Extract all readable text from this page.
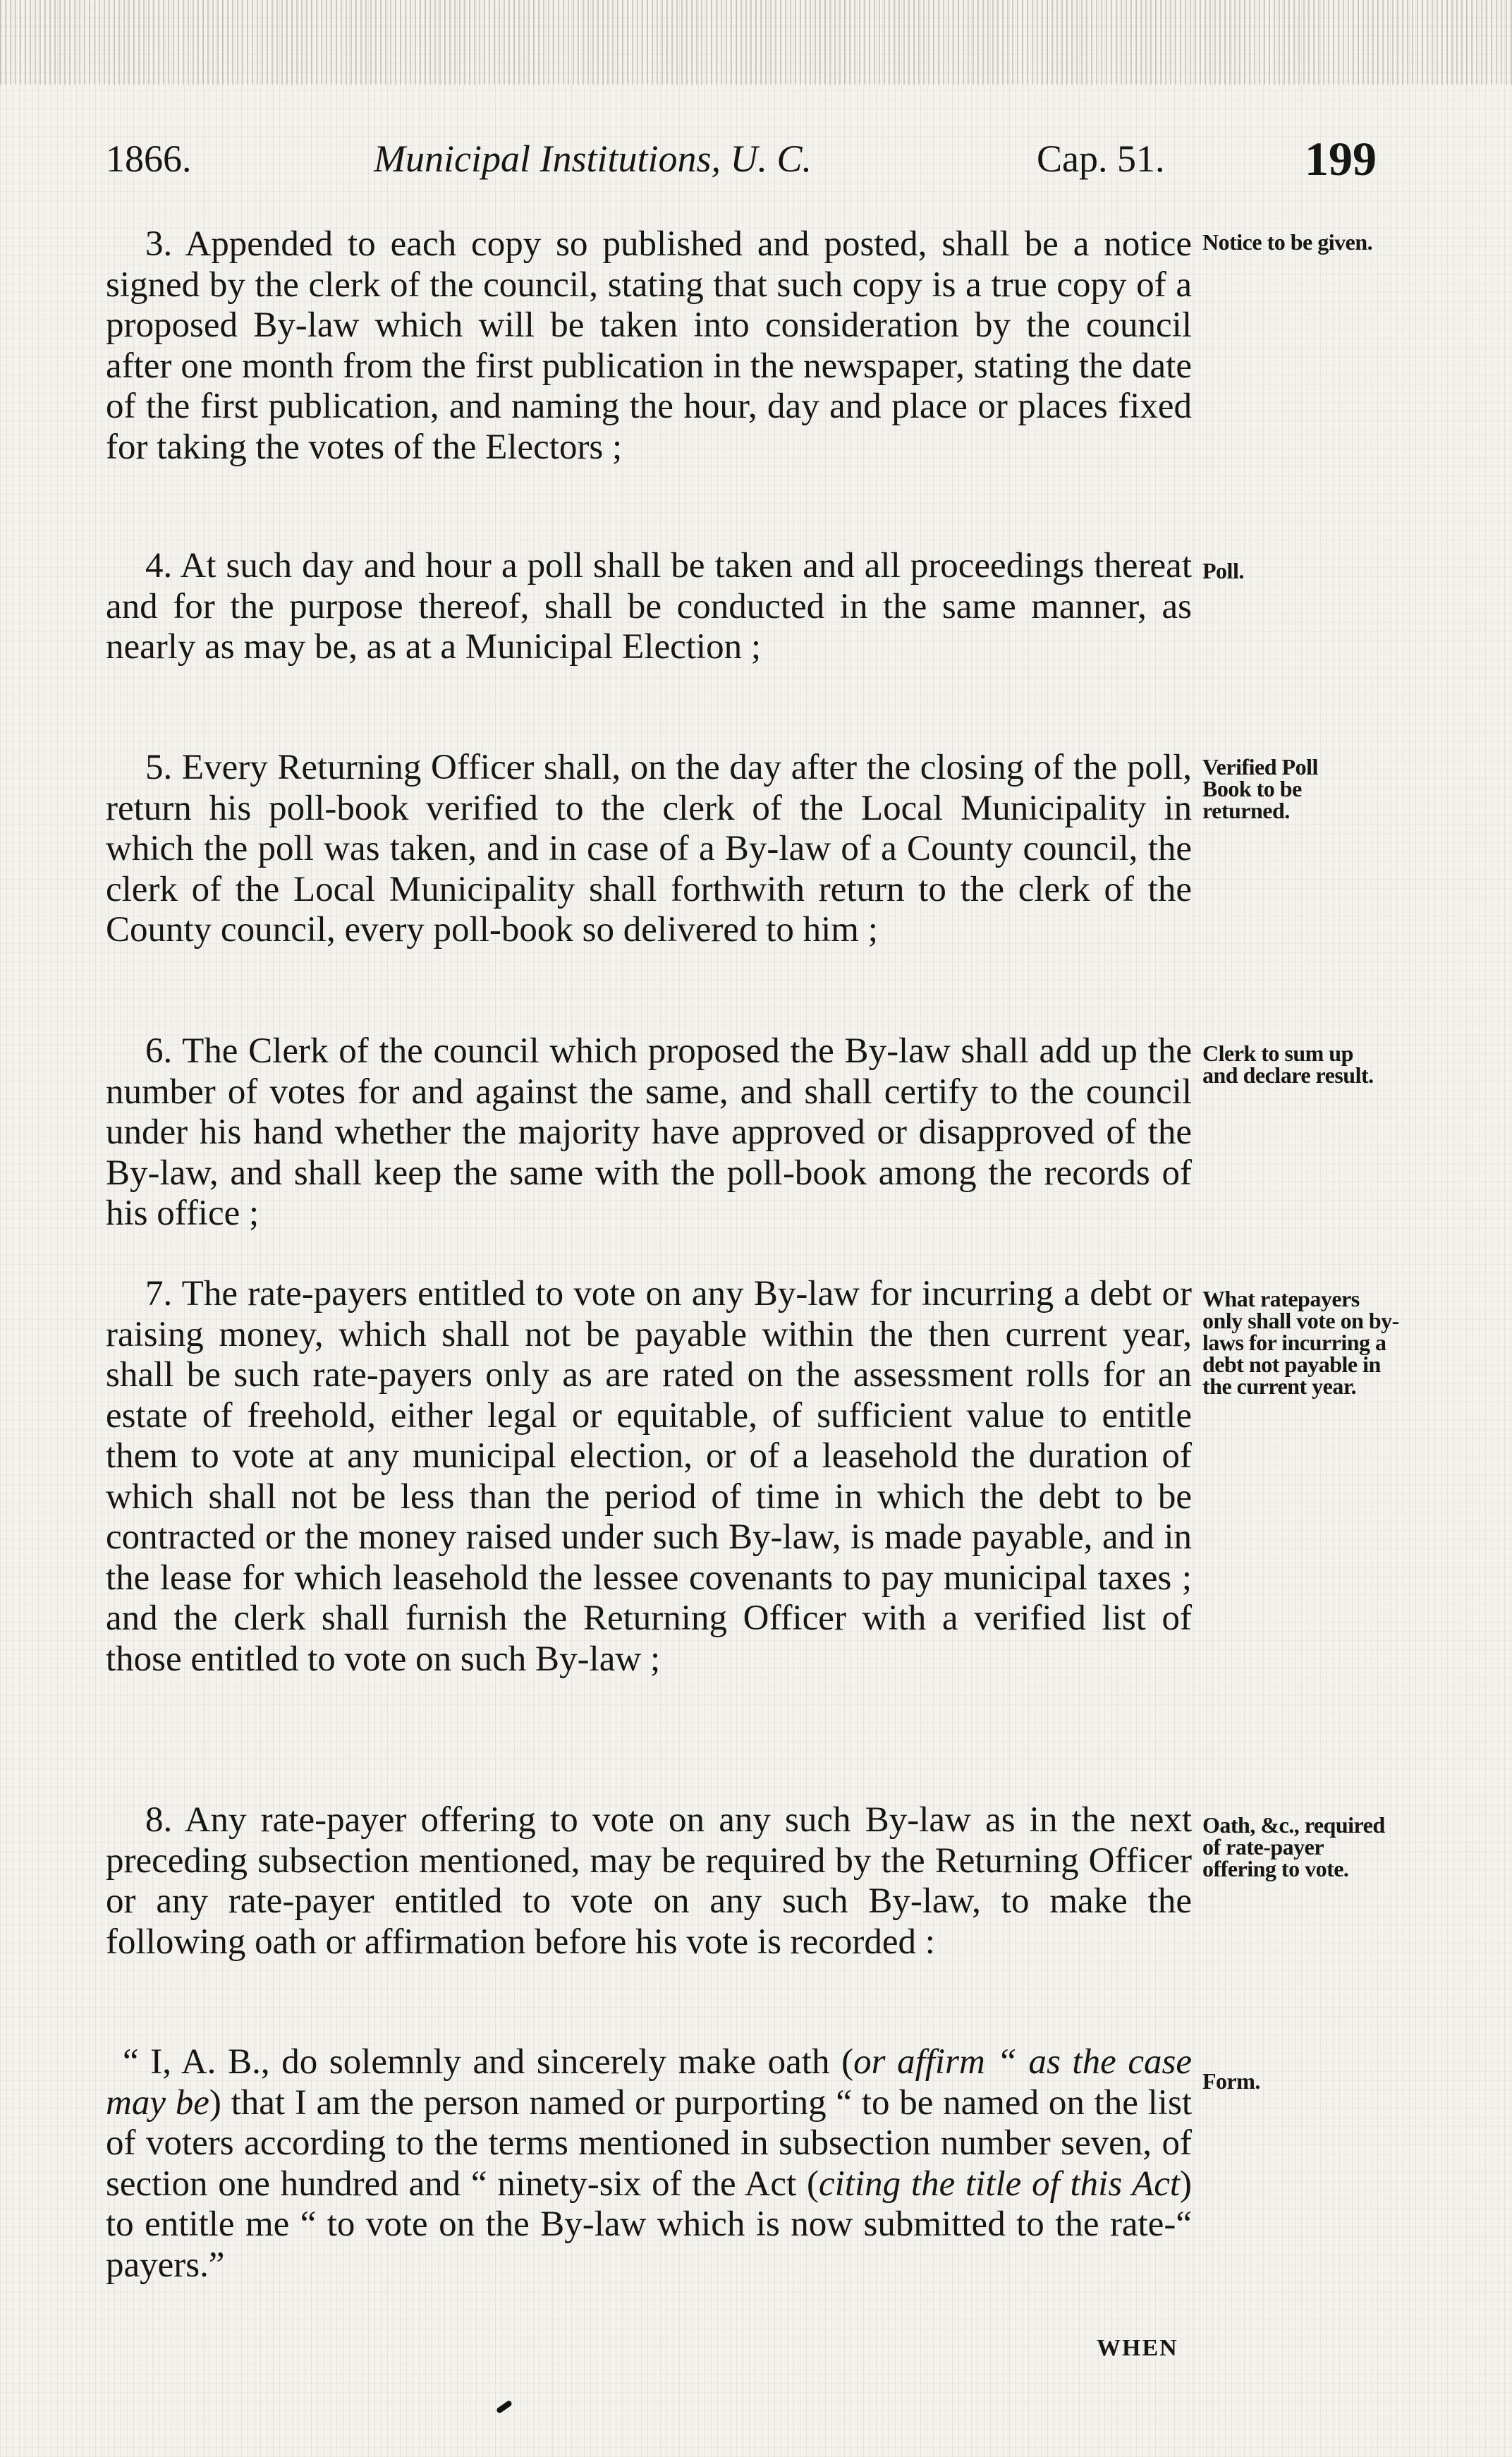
1866.	Municipal Institutions, U. C.	Cap. 51.	199

3. Appended to each copy so published and posted, shall be a notice signed by the clerk of the council, stating that such copy is a true copy of a proposed By-law which will be taken into consideration by the council after one month from the first publication in the newspaper, stating the date of the first publication, and naming the hour, day and place or places fixed for taking the votes of the Electors ;

Notice to be given.

4. At such day and hour a poll shall be taken and all proceedings thereat and for the purpose thereof, shall be conducted in the same manner, as nearly as may be, as at a Municipal Election ;

Poll.

5. Every Returning Officer shall, on the day after the closing of the poll, return his poll-book verified to the clerk of the Local Municipality in which the poll was taken, and in case of a By-law of a County council, the clerk of the Local Municipality shall forthwith return to the clerk of the County council, every poll-book so delivered to him ;

Verified Poll Book to be returned.

6. The Clerk of the council which proposed the By-law shall add up the number of votes for and against the same, and shall certify to the council under his hand whether the majority have approved or disapproved of the By-law, and shall keep the same with the poll-book among the records of his office ;

Clerk to sum up and declare result.

7. The rate-payers entitled to vote on any By-law for incurring a debt or raising money, which shall not be payable within the then current year, shall be such rate-payers only as are rated on the assessment rolls for an estate of freehold, either legal or equitable, of sufficient value to entitle them to vote at any municipal election, or of a leasehold the duration of which shall not be less than the period of time in which the debt to be contracted or the money raised under such By-law, is made payable, and in the lease for which leasehold the lessee covenants to pay municipal taxes ; and the clerk shall furnish the Returning Officer with a verified list of those entitled to vote on such By-law ;

What ratepayers only shall vote on by-laws for incurring a debt not payable in the current year.

8. Any rate-payer offering to vote on any such By-law as in the next preceding subsection mentioned, may be required by the Returning Officer or any rate-payer entitled to vote on any such By-law, to make the following oath or affirmation before his vote is recorded :

Oath, &c., required of rate-payer offering to vote.

“ I, A. B., do solemnly and sincerely make oath (or affirm “ as the case may be) that I am the person named or purporting “ to be named on the list of voters according to the terms mentioned in subsection number seven, of section one hundred and “ ninety-six of the Act (citing the title of this Act) to entitle me “ to vote on the By-law which is now submitted to the rate-“ payers.”

Form.
WHEN
